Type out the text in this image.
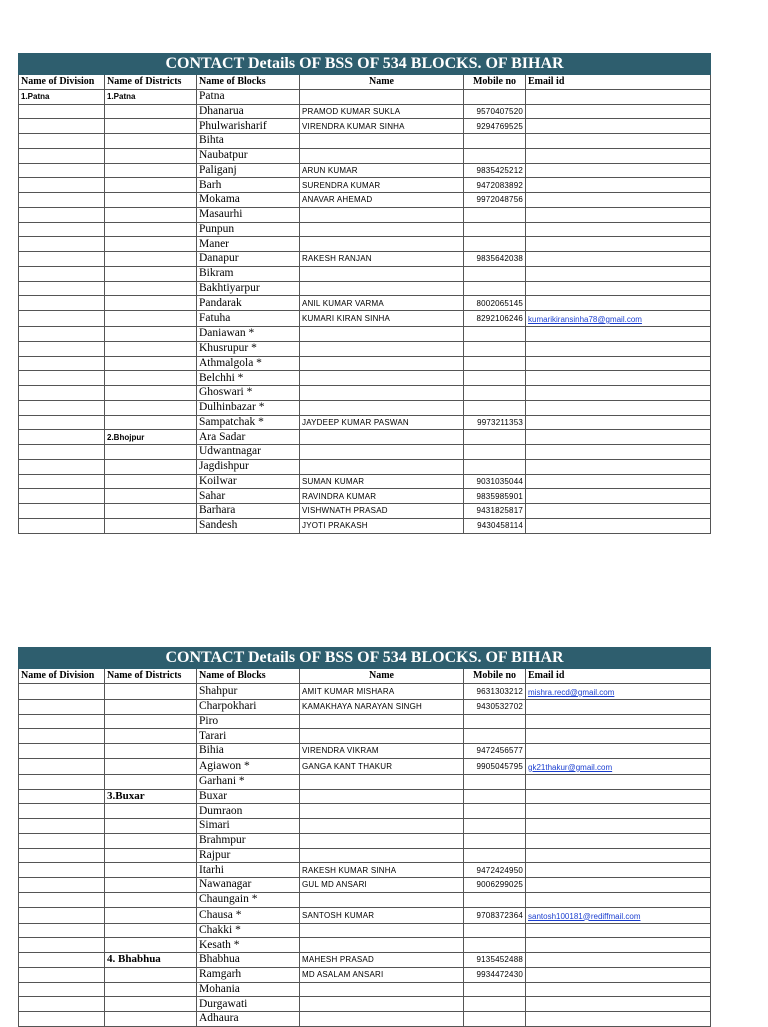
CONTACT Details OF BSS OF 534 BLOCKS. OF BIHAR					
Name of Division	Name of Districts	Name of Blocks	Name	Mobile no	Email id
1.Patna	1.Patna	Patna			
		Dhanarua	PRAMOD KUMAR SUKLA	9570407520	
		Phulwarisharif	VIRENDRA KUMAR SINHA	9294769525	
		Bihta			
		Naubatpur			
		Paliganj	ARUN KUMAR	9835425212	
		Barh	SURENDRA KUMAR	9472083892	
		Mokama	ANAVAR AHEMAD	9972048756	
		Masaurhi			
		Punpun			
		Maner			
		Danapur	RAKESH RANJAN	9835642038	
		Bikram			
		Bakhtiyarpur			
		Pandarak	ANIL KUMAR VARMA	8002065145	
		Fatuha	KUMARI KIRAN SINHA	8292106246	kumarikiransinha78@gmail.com
		Daniawan *			
		Khusrupur *			
		Athmalgola *			
		Belchhi *			
		Ghoswari *			
		Dulhinbazar *			
		Sampatchak *	JAYDEEP KUMAR PASWAN	9973211353	
	2.Bhojpur	Ara Sadar			
		Udwantnagar			
		Jagdishpur			
		Koilwar	SUMAN KUMAR	9031035044	
		Sahar	RAVINDRA KUMAR	9835985901	
		Barhara	VISHWNATH PRASAD	9431825817	
		Sandesh	JYOTI PRAKASH	9430458114	
CONTACT Details OF BSS OF 534 BLOCKS. OF BIHAR					
Name of Division	Name of Districts	Name of Blocks	Name	Mobile no	Email id
		Shahpur	AMIT KUMAR MISHARA	9631303212	mishra.recd@gmail.com
		Charpokhari	KAMAKHAYA NARAYAN SINGH	9430532702	
		Piro			
		Tarari			
		Bihia	VIRENDRA VIKRAM	9472456577	
		Agiawon *	GANGA KANT THAKUR	9905045795	gk21thakur@gmail.com
		Garhani *			
	3.Buxar	Buxar			
		Dumraon			
		Simari			
		Brahmpur			
		Rajpur			
		Itarhi	RAKESH KUMAR SINHA	9472424950	
		Nawanagar	GUL MD ANSARI	9006299025	
		Chaungain *			
		Chausa *	SANTOSH KUMAR	9708372364	santosh100181@rediffmail.com
		Chakki *			
		Kesath *			
	4. Bhabhua	Bhabhua	MAHESH PRASAD	9135452488	
		Ramgarh	MD ASALAM ANSARI	9934472430	
		Mohania			
		Durgawati			
		Adhaura			
